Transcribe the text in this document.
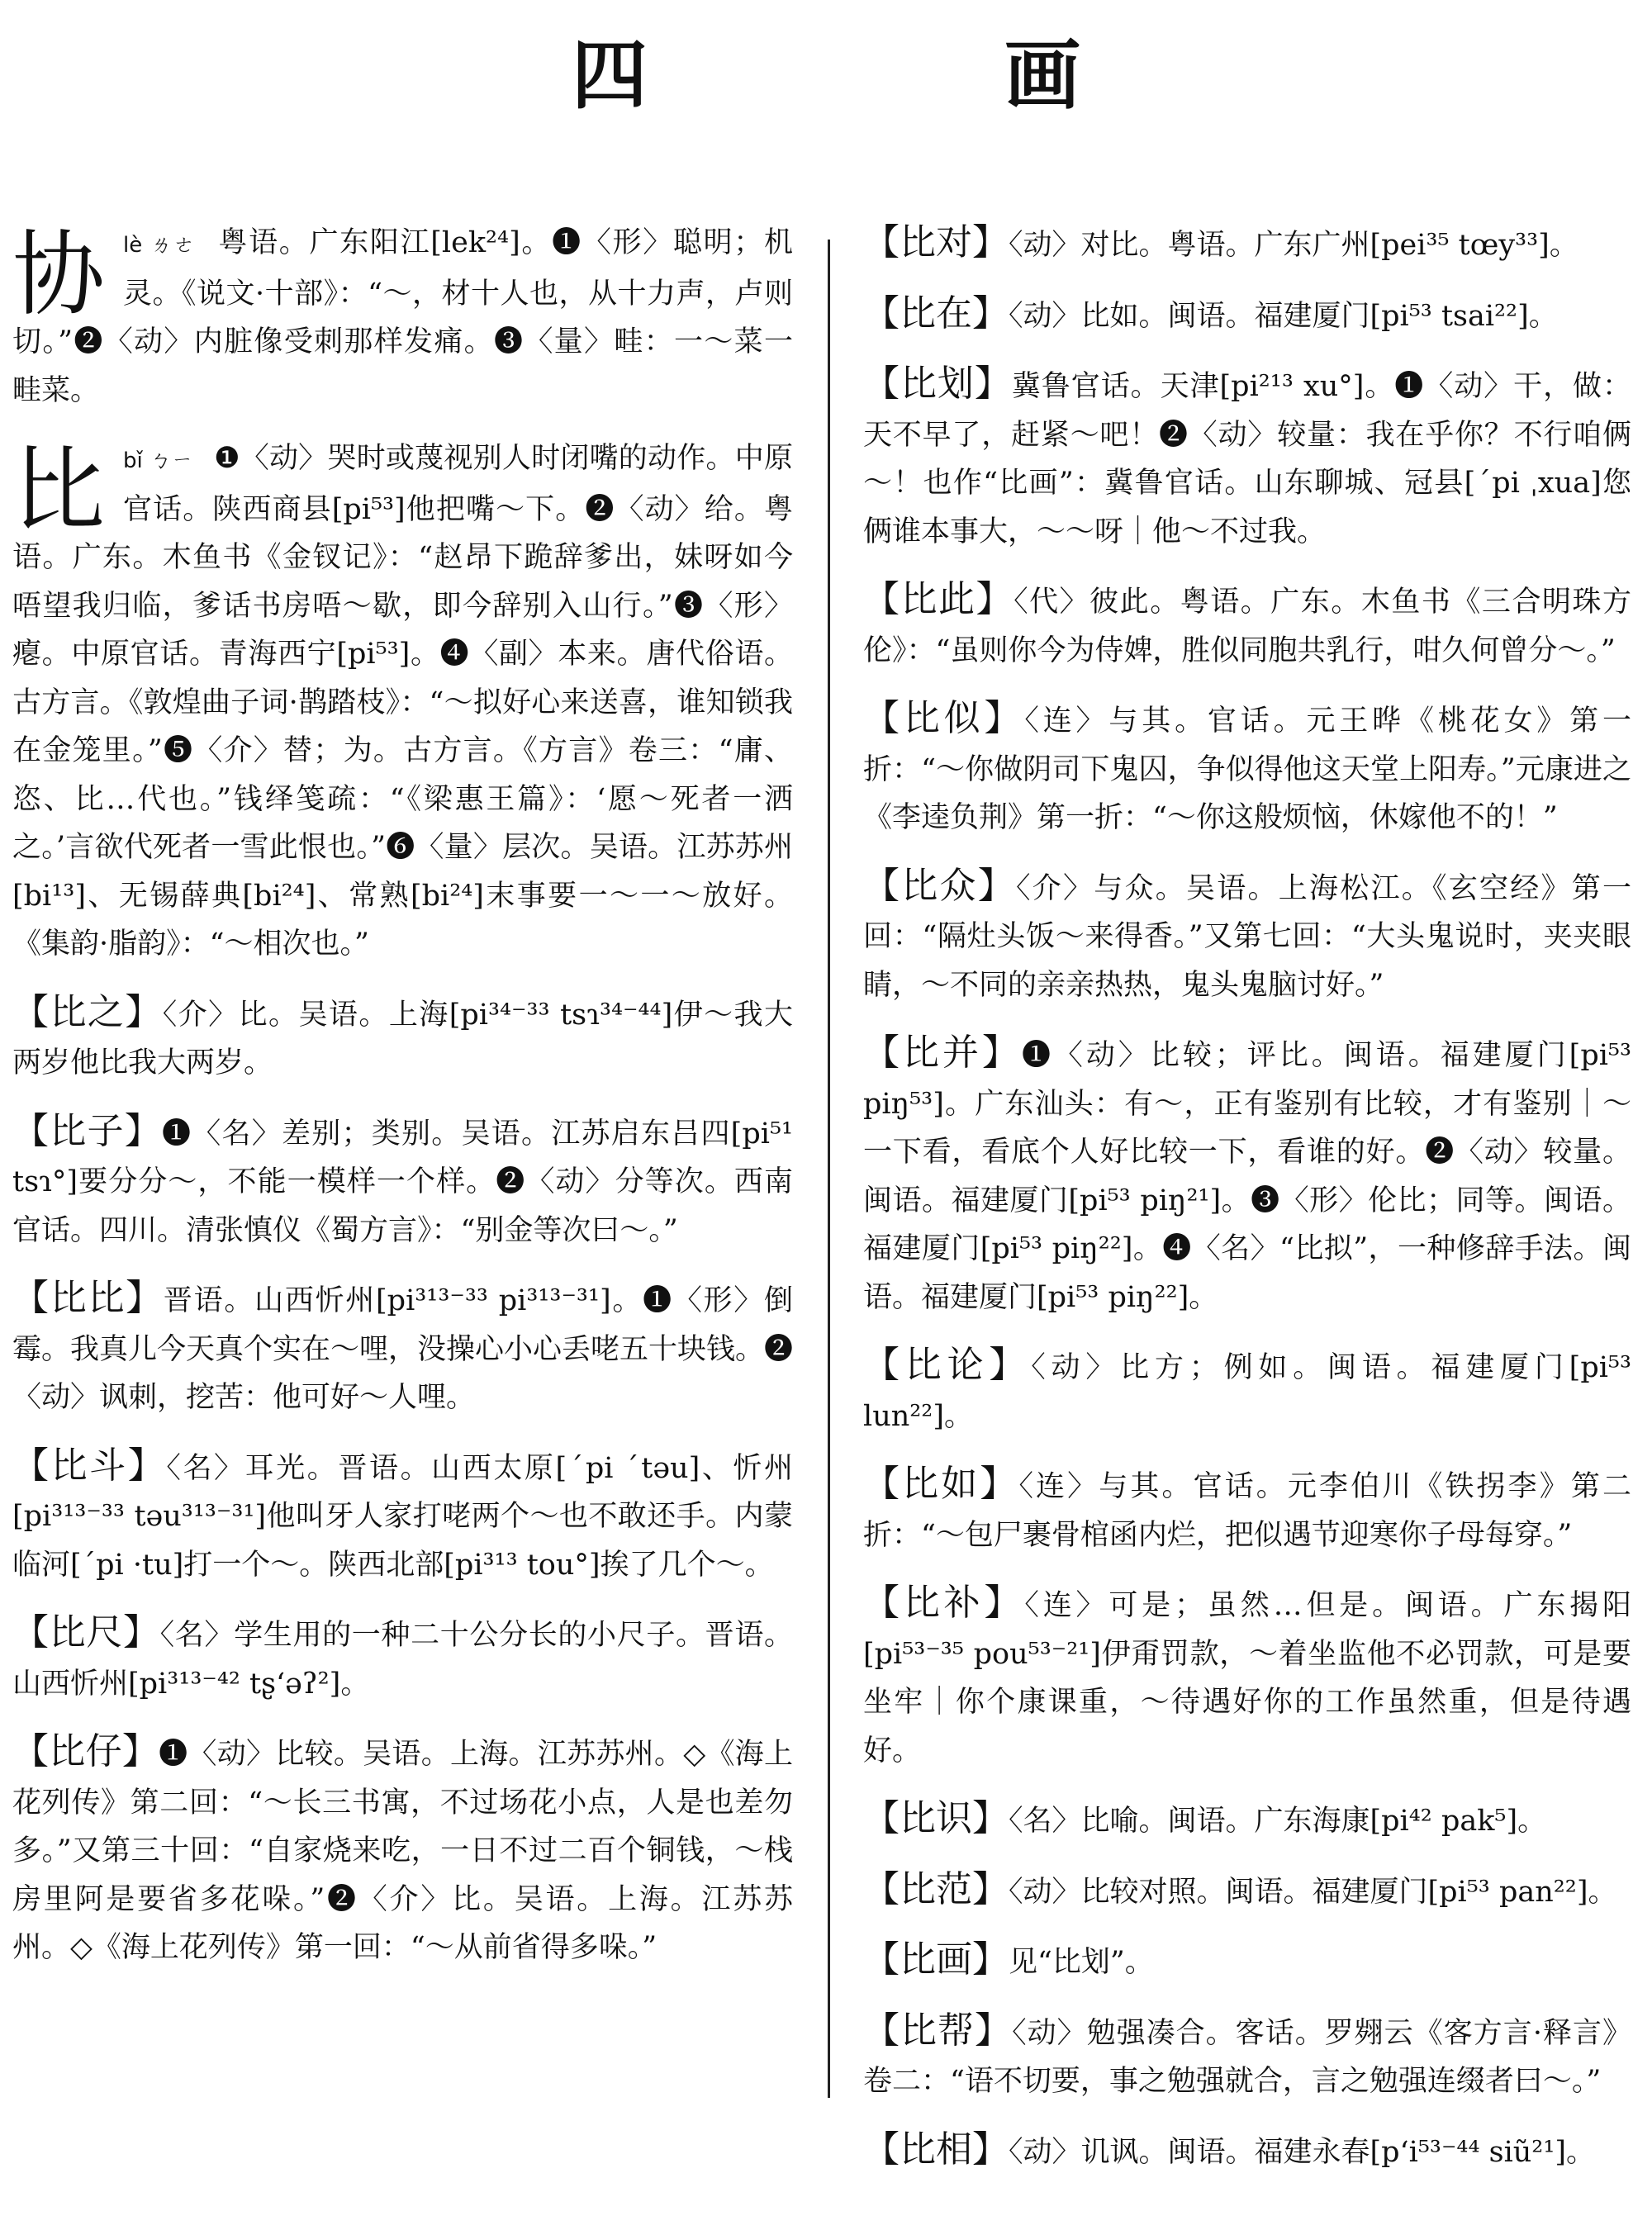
四 画
协 lè ㄌㄜ 粤语。广东阳江[lek²⁴]。❶〈形〉聪明；机灵。《说文·十部》：“～，材十人也，从十力声，卢则切。”❷〈动〉内脏像受刺那样发痛。❸〈量〉畦：一～菜一畦菜。
比 bǐ ㄅㄧ ❶〈动〉哭时或蔑视别人时闭嘴的动作。中原官话。陕西商县[pi⁵³]他把嘴～下。❷〈动〉给。粤语。广东。木鱼书《金钗记》：“赵昂下跪辞爹出，妹呀如今唔望我归临，爹话书房唔～歇，即今辞别入山行。”❸〈形〉瘪。中原官话。青海西宁[pi⁵³]。❹〈副〉本来。唐代俗语。古方言。《敦煌曲子词·鹊踏枝》：“～拟好心来送喜，谁知锁我在金笼里。”❺〈介〉替；为。古方言。《方言》卷三：“庸、恣、比…代也。”钱绎笺疏：“《梁惠王篇》：‘愿～死者一洒之。’言欲代死者一雪此恨也。”❻〈量〉层次。吴语。江苏苏州[bi¹³]、无锡薛典[bi²⁴]、常熟[bi²⁴]末事要一～一～放好。《集韵·脂韵》：“～相次也。”
【比之】〈介〉比。吴语。上海[pi³⁴⁻³³ tsɿ³⁴⁻⁴⁴]伊～我大两岁他比我大两岁。
【比子】❶〈名〉差别；类别。吴语。江苏启东吕四[pi⁵¹ tsɿ°]要分分～，不能一模样一个样。❷〈动〉分等次。西南官话。四川。清张慎仪《蜀方言》：“别金等次曰～。”
【比比】晋语。山西忻州[pi³¹³⁻³³ pi³¹³⁻³¹]。❶〈形〉倒霉。我真儿今天真个实在～哩，没操心小心丢咾五十块钱。❷〈动〉讽刺，挖苦：他可好～人哩。
【比斗】〈名〉耳光。晋语。山西太原[ˊpi ˊtəu]、忻州[pi³¹³⁻³³ təu³¹³⁻³¹]他叫牙人家打咾两个～也不敢还手。内蒙临河[ˊpi ·tu]打一个～。陕西北部[pi³¹³ tou°]挨了几个～。
【比尺】〈名〉学生用的一种二十公分长的小尺子。晋语。山西忻州[pi³¹³⁻⁴² tʂʻəʔ²]。
【比仔】❶〈动〉比较。吴语。上海。江苏苏州。◇《海上花列传》第二回：“～长三书寓，不过场花小点，人是也差勿多。”又第三十回：“自家烧来吃，一日不过二百个铜钱，～栈房里阿是要省多花哚。”❷〈介〉比。吴语。上海。江苏苏州。◇《海上花列传》第一回：“～从前省得多哚。”
【比对】〈动〉对比。粤语。广东广州[pei³⁵ tœy³³]。
【比在】〈动〉比如。闽语。福建厦门[pi⁵³ tsai²²]。
【比划】冀鲁官话。天津[pi²¹³ xu°]。❶〈动〉干，做：天不早了，赶紧～吧！❷〈动〉较量：我在乎你？不行咱俩～！也作“比画”：冀鲁官话。山东聊城、冠县[ˊpi ˌxua]您俩谁本事大，～～呀｜他～不过我。
【比此】〈代〉彼此。粤语。广东。木鱼书《三合明珠方伦》：“虽则你今为侍婢，胜似同胞共乳行，咁久何曾分～。”
【比似】〈连〉与其。官话。元王晔《桃花女》第一折：“～你做阴司下鬼囚，争似得他这天堂上阳寿。”元康进之《李逵负荆》第一折：“～你这般烦恼，休嫁他不的！”
【比众】〈介〉与众。吴语。上海松江。《玄空经》第一回：“隔灶头饭～来得香。”又第七回：“大头鬼说时，夹夹眼睛，～不同的亲亲热热，鬼头鬼脑讨好。”
【比并】❶〈动〉比较；评比。闽语。福建厦门[pi⁵³ piŋ⁵³]。广东汕头：有～，正有鉴别有比较，才有鉴别｜～一下看，看底个人好比较一下，看谁的好。❷〈动〉较量。闽语。福建厦门[pi⁵³ piŋ²¹]。❸〈形〉伦比；同等。闽语。福建厦门[pi⁵³ piŋ²²]。❹〈名〉“比拟”，一种修辞手法。闽语。福建厦门[pi⁵³ piŋ²²]。
【比论】〈动〉比方；例如。闽语。福建厦门[pi⁵³ lun²²]。
【比如】〈连〉与其。官话。元李伯川《铁拐李》第二折：“～包尸裹骨棺函内烂，把似遇节迎寒你子母每穿。”
【比补】〈连〉可是；虽然…但是。闽语。广东揭阳[pi⁵³⁻³⁵ pou⁵³⁻²¹]伊甭罚款，～着坐监他不必罚款，可是要坐牢｜你个康课重，～待遇好你的工作虽然重，但是待遇好。
【比识】〈名〉比喻。闽语。广东海康[pi⁴² pak⁵]。
【比范】〈动〉比较对照。闽语。福建厦门[pi⁵³ pan²²]。
【比画】见“比划”。
【比帮】〈动〉勉强凑合。客话。罗翙云《客方言·释言》卷二：“语不切要，事之勉强就合，言之勉强连缀者曰～。”
【比相】〈动〉讥讽。闽语。福建永春[pʻi⁵³⁻⁴⁴ siũ²¹]。
